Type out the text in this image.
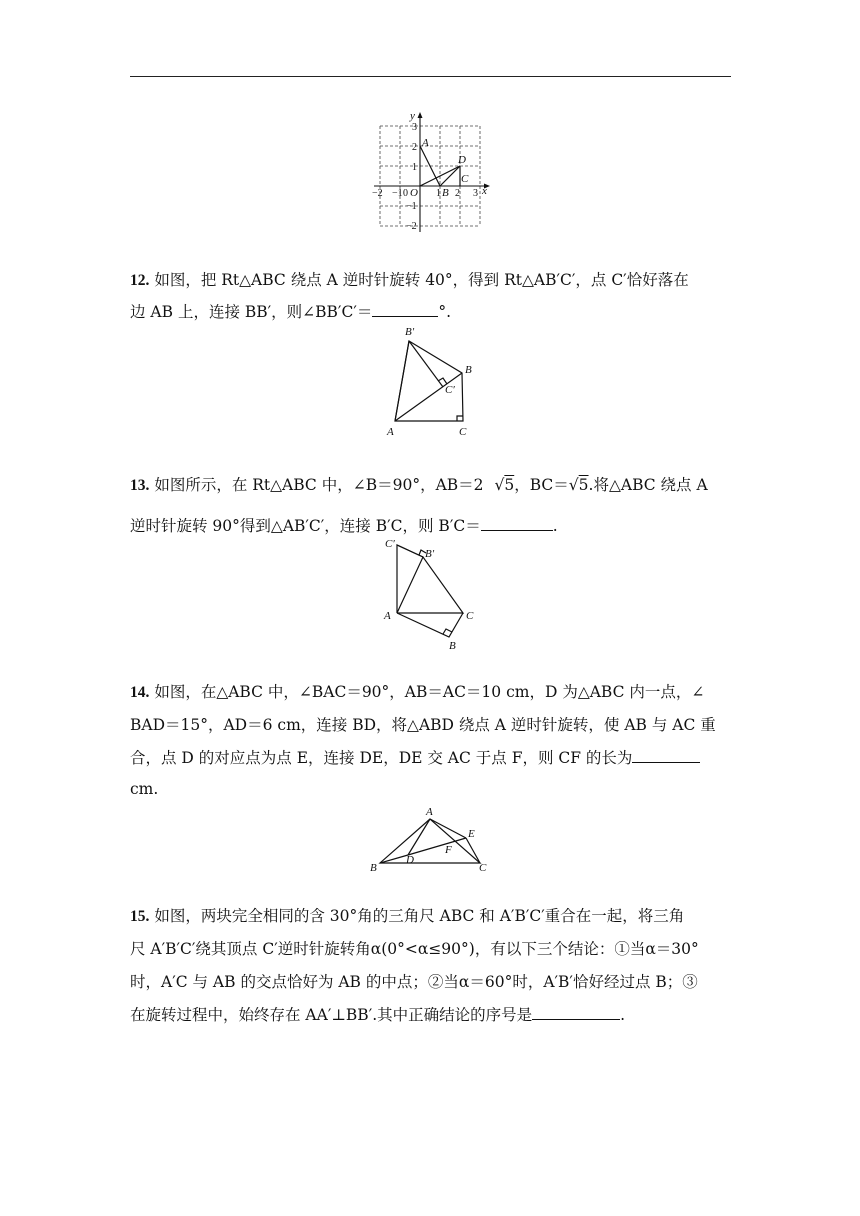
y
x
A
D
C
B
O
3
2
1
−1
−2
−2 −1 0	1 2 3
12. 如图，把 Rt△ABC 绕点 A 逆时针旋转 40°，得到 Rt△AB′C′，点 C′恰好落在
边 AB 上，连接 BB′，则∠BB′C′＝	°.
B′
B
C′
A	C
13. 如图所示，在 Rt△ABC 中，∠B＝90°，AB＝2 √5，BC＝√5.将△ABC 绕点 A
逆时针旋转 90°得到△AB′C′，连接 B′C，则 B′C＝	.
C′
B′
A	C
B
14. 如图，在△ABC 中，∠BAC＝90°，AB＝AC＝10 cm，D 为△ABC 内一点，∠
BAD＝15°，AD＝6 cm，连接 BD，将△ABD 绕点 A 逆时针旋转，使 AB 与 AC 重
合，点 D 的对应点为点 E，连接 DE，DE 交 AC 于点 F，则 CF 的长为
cm.
A
E
F
D
B	C
15. 如图，两块完全相同的含 30°角的三角尺 ABC 和 A′B′C′重合在一起，将三角
尺 A′B′C′绕其顶点 C′逆时针旋转角α(0°<α≤90°)，有以下三个结论：①当α＝30°
时，A′C 与 AB 的交点恰好为 AB 的中点；②当α＝60°时，A′B′恰好经过点 B；③
在旋转过程中，始终存在 AA′⊥BB′.其中正确结论的序号是	.
